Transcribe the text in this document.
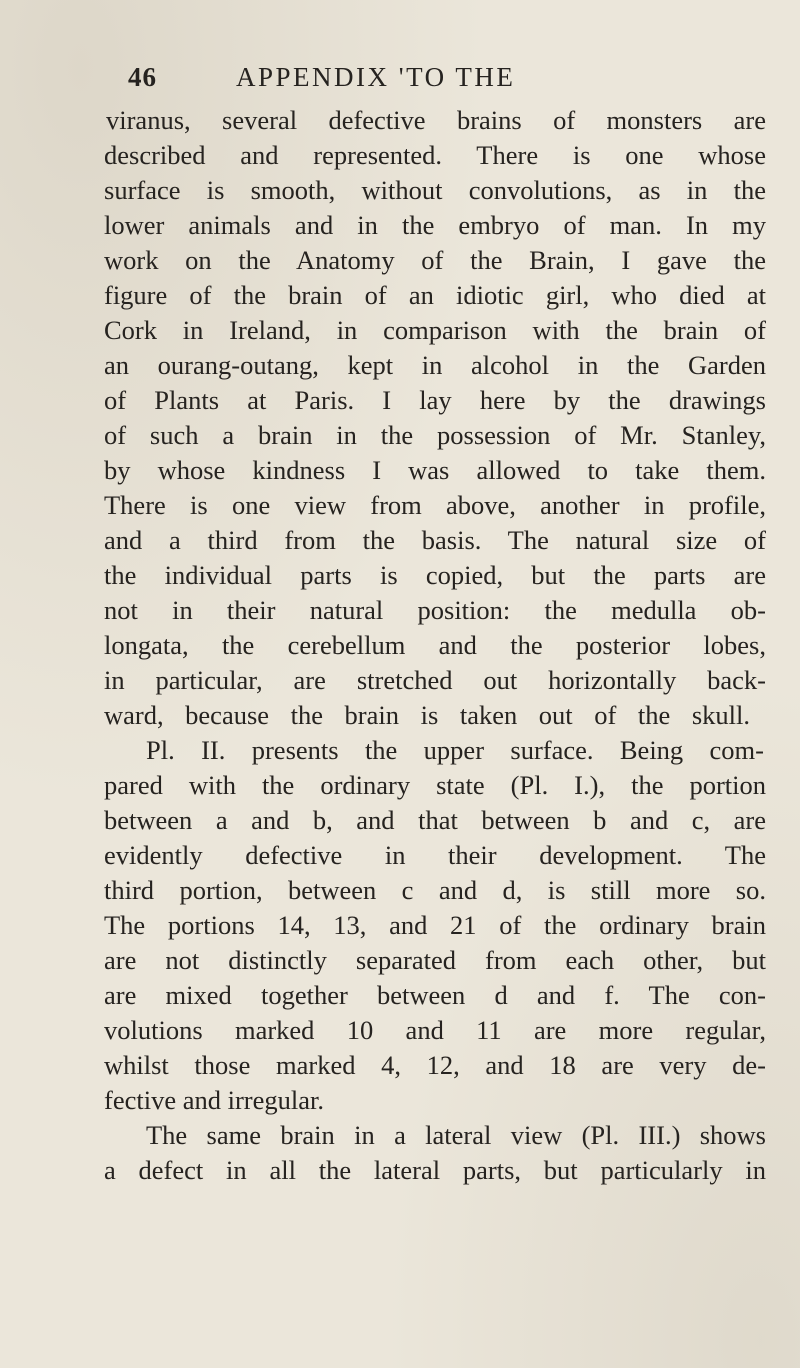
46	APPENDIX 'TO THE
viranus, several defective brains of monsters are
described and represented. There is one whose
surface is smooth, without convolutions, as in the
lower animals and in the embryo of man. In my
work on the Anatomy of the Brain, I gave the
figure of the brain of an idiotic girl, who died at
Cork in Ireland, in comparison with the brain of
an ourang-outang, kept in alcohol in the Garden
of Plants at Paris. I lay here by the drawings
of such a brain in the possession of Mr. Stanley,
by whose kindness I was allowed to take them.
There is one view from above, another in profile,
and a third from the basis. The natural size of
the individual parts is copied, but the parts are
not in their natural position: the medulla ob-
longata, the cerebellum and the posterior lobes,
in particular, are stretched out horizontally back-
ward, because the brain is taken out of the skull.
Pl. II. presents the upper surface. Being com-
pared with the ordinary state (Pl. I.), the portion
between a and b, and that between b and c, are
evidently defective in their development. The
third portion, between c and d, is still more so.
The portions 14, 13, and 21 of the ordinary brain
are not distinctly separated from each other, but
are mixed together between d and f. The con-
volutions marked 10 and 11 are more regular,
whilst those marked 4, 12, and 18 are very de-
fective and irregular.
The same brain in a lateral view (Pl. III.) shows
a defect in all the lateral parts, but particularly in
